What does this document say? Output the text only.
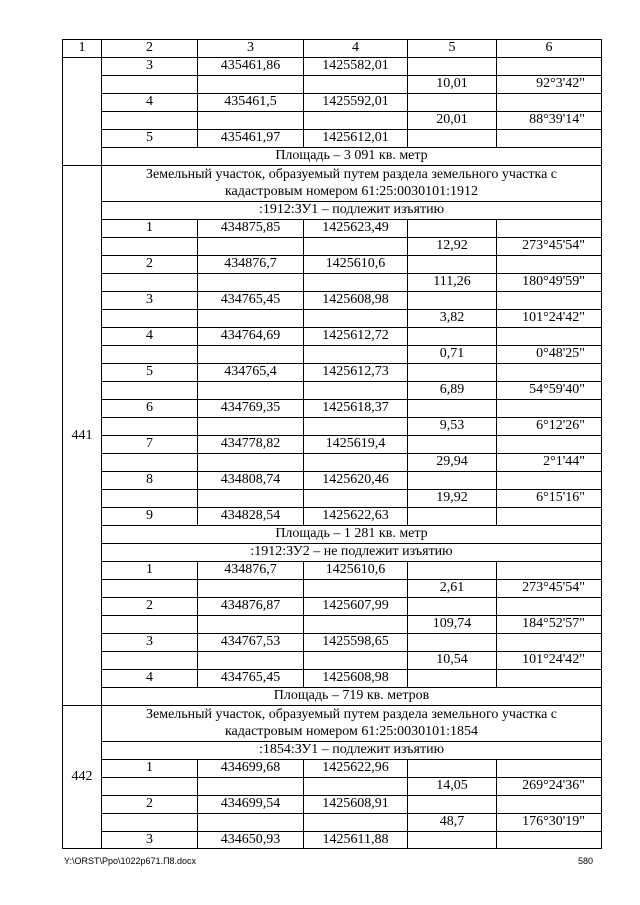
1	2	3	4	5	6
	3	435461,86	1425582,01		
				10,01	92°3'42"
	4	435461,5	1425592,01		
				20,01	88°39'14"
	5	435461,97	1425612,01		
	Площадь – 3 091 кв. метр				
441	Земельный участок, образуемый путем раздела земельного участка с кадастровым номером 61:25:0030101:1912				
	:1912:ЗУ1 – подлежит изъятию				
	1	434875,85	1425623,49		
				12,92	273°45'54"
	2	434876,7	1425610,6		
				111,26	180°49'59"
	3	434765,45	1425608,98		
				3,82	101°24'42"
	4	434764,69	1425612,72		
				0,71	0°48'25"
	5	434765,4	1425612,73		
				6,89	54°59'40"
	6	434769,35	1425618,37		
				9,53	6°12'26"
	7	434778,82	1425619,4		
				29,94	2°1'44"
	8	434808,74	1425620,46		
				19,92	6°15'16"
	9	434828,54	1425622,63		
	Площадь – 1 281 кв. метр				
	:1912:ЗУ2 – не подлежит изъятию				
	1	434876,7	1425610,6		
				2,61	273°45'54"
	2	434876,87	1425607,99		
				109,74	184°52'57"
	3	434767,53	1425598,65		
				10,54	101°24'42"
	4	434765,45	1425608,98		
	Площадь – 719 кв. метров				
442	Земельный участок, образуемый путем раздела земельного участка с кадастровым номером 61:25:0030101:1854				
	:1854:ЗУ1 – подлежит изъятию				
	1	434699,68	1425622,96		
				14,05	269°24'36"
	2	434699,54	1425608,91		
				48,7	176°30'19"
	3	434650,93	1425611,88		
Y:\ORST\Ppo\1022p671.П8.docx	580
